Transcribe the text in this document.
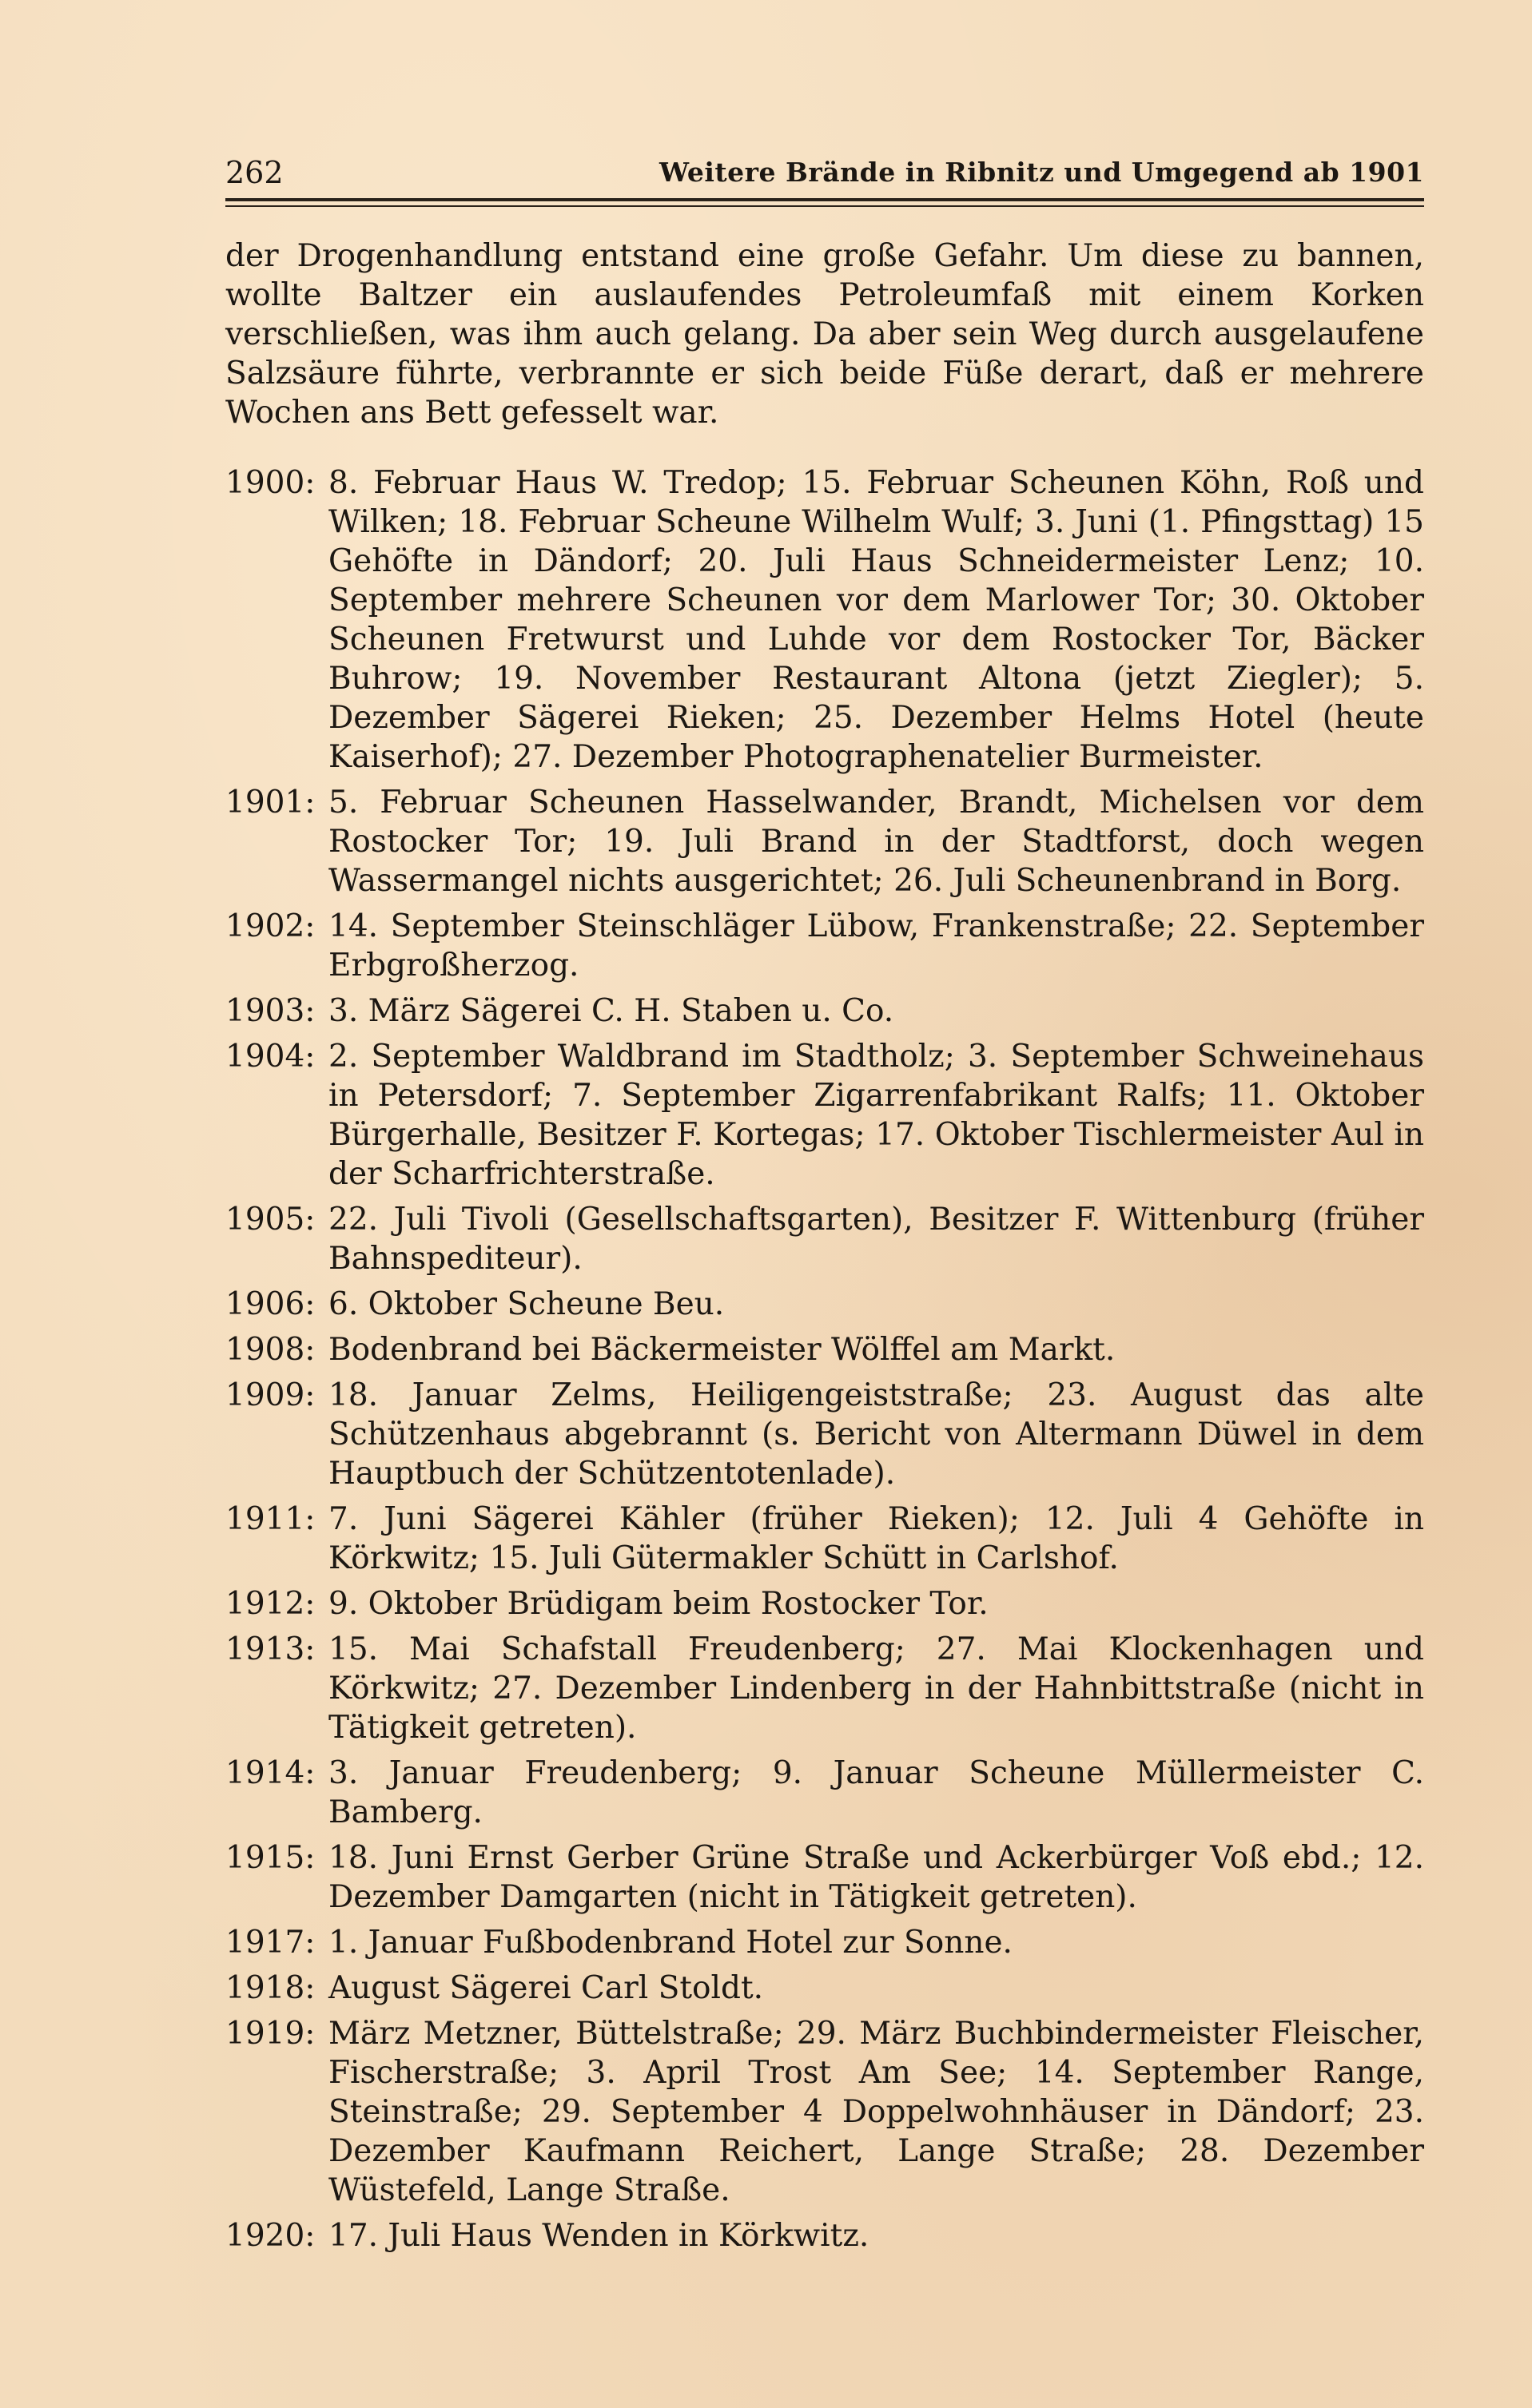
262	Weitere Brände in Ribnitz und Umgegend ab 1901

der Drogenhandlung entstand eine große Gefahr. Um diese zu bannen, wollte Baltzer ein auslaufendes Petroleumfaß mit einem Korken verschließen, was ihm auch gelang. Da aber sein Weg durch ausgelaufene Salzsäure führte, verbrannte er sich beide Füße derart, daß er mehrere Wochen ans Bett gefesselt war.

1900: 8. Februar Haus W. Tredop; 15. Februar Scheunen Köhn, Roß und Wilken; 18. Februar Scheune Wilhelm Wulf; 3. Juni (1. Pfingsttag) 15 Gehöfte in Dändorf; 20. Juli Haus Schneidermeister Lenz; 10. September mehrere Scheunen vor dem Marlower Tor; 30. Oktober Scheunen Fretwurst und Luhde vor dem Rostocker Tor, Bäcker Buhrow; 19. November Restaurant Altona (jetzt Ziegler); 5. Dezember Sägerei Rieken; 25. Dezember Helms Hotel (heute Kaiserhof); 27. Dezember Photographenatelier Burmeister.
1901: 5. Februar Scheunen Hasselwander, Brandt, Michelsen vor dem Rostocker Tor; 19. Juli Brand in der Stadtforst, doch wegen Wassermangel nichts ausgerichtet; 26. Juli Scheunenbrand in Borg.
1902: 14. September Steinschläger Lübow, Frankenstraße; 22. September Erbgroßherzog.
1903: 3. März Sägerei C. H. Staben u. Co.
1904: 2. September Waldbrand im Stadtholz; 3. September Schweinehaus in Petersdorf; 7. September Zigarrenfabrikant Ralfs; 11. Oktober Bürgerhalle, Besitzer F. Kortegas; 17. Oktober Tischlermeister Aul in der Scharfrichterstraße.
1905: 22. Juli Tivoli (Gesellschaftsgarten), Besitzer F. Wittenburg (früher Bahnspediteur).
1906: 6. Oktober Scheune Beu.
1908: Bodenbrand bei Bäckermeister Wölffel am Markt.
1909: 18. Januar Zelms, Heiligengeiststraße; 23. August das alte Schützenhaus abgebrannt (s. Bericht von Altermann Düwel in dem Hauptbuch der Schützentotenlade).
1911: 7. Juni Sägerei Kähler (früher Rieken); 12. Juli 4 Gehöfte in Körkwitz; 15. Juli Gütermakler Schütt in Carlshof.
1912: 9. Oktober Brüdigam beim Rostocker Tor.
1913: 15. Mai Schafstall Freudenberg; 27. Mai Klockenhagen und Körkwitz; 27. Dezember Lindenberg in der Hahnbittstraße (nicht in Tätigkeit getreten).
1914: 3. Januar Freudenberg; 9. Januar Scheune Müllermeister C. Bamberg.
1915: 18. Juni Ernst Gerber Grüne Straße und Ackerbürger Voß ebd.; 12. Dezember Damgarten (nicht in Tätigkeit getreten).
1917: 1. Januar Fußbodenbrand Hotel zur Sonne.
1918: August Sägerei Carl Stoldt.
1919: März Metzner, Büttelstraße; 29. März Buchbindermeister Fleischer, Fischerstraße; 3. April Trost Am See; 14. September Range, Steinstraße; 29. September 4 Doppelwohnhäuser in Dändorf; 23. Dezember Kaufmann Reichert, Lange Straße; 28. Dezember Wüstefeld, Lange Straße.
1920: 17. Juli Haus Wenden in Körkwitz.
